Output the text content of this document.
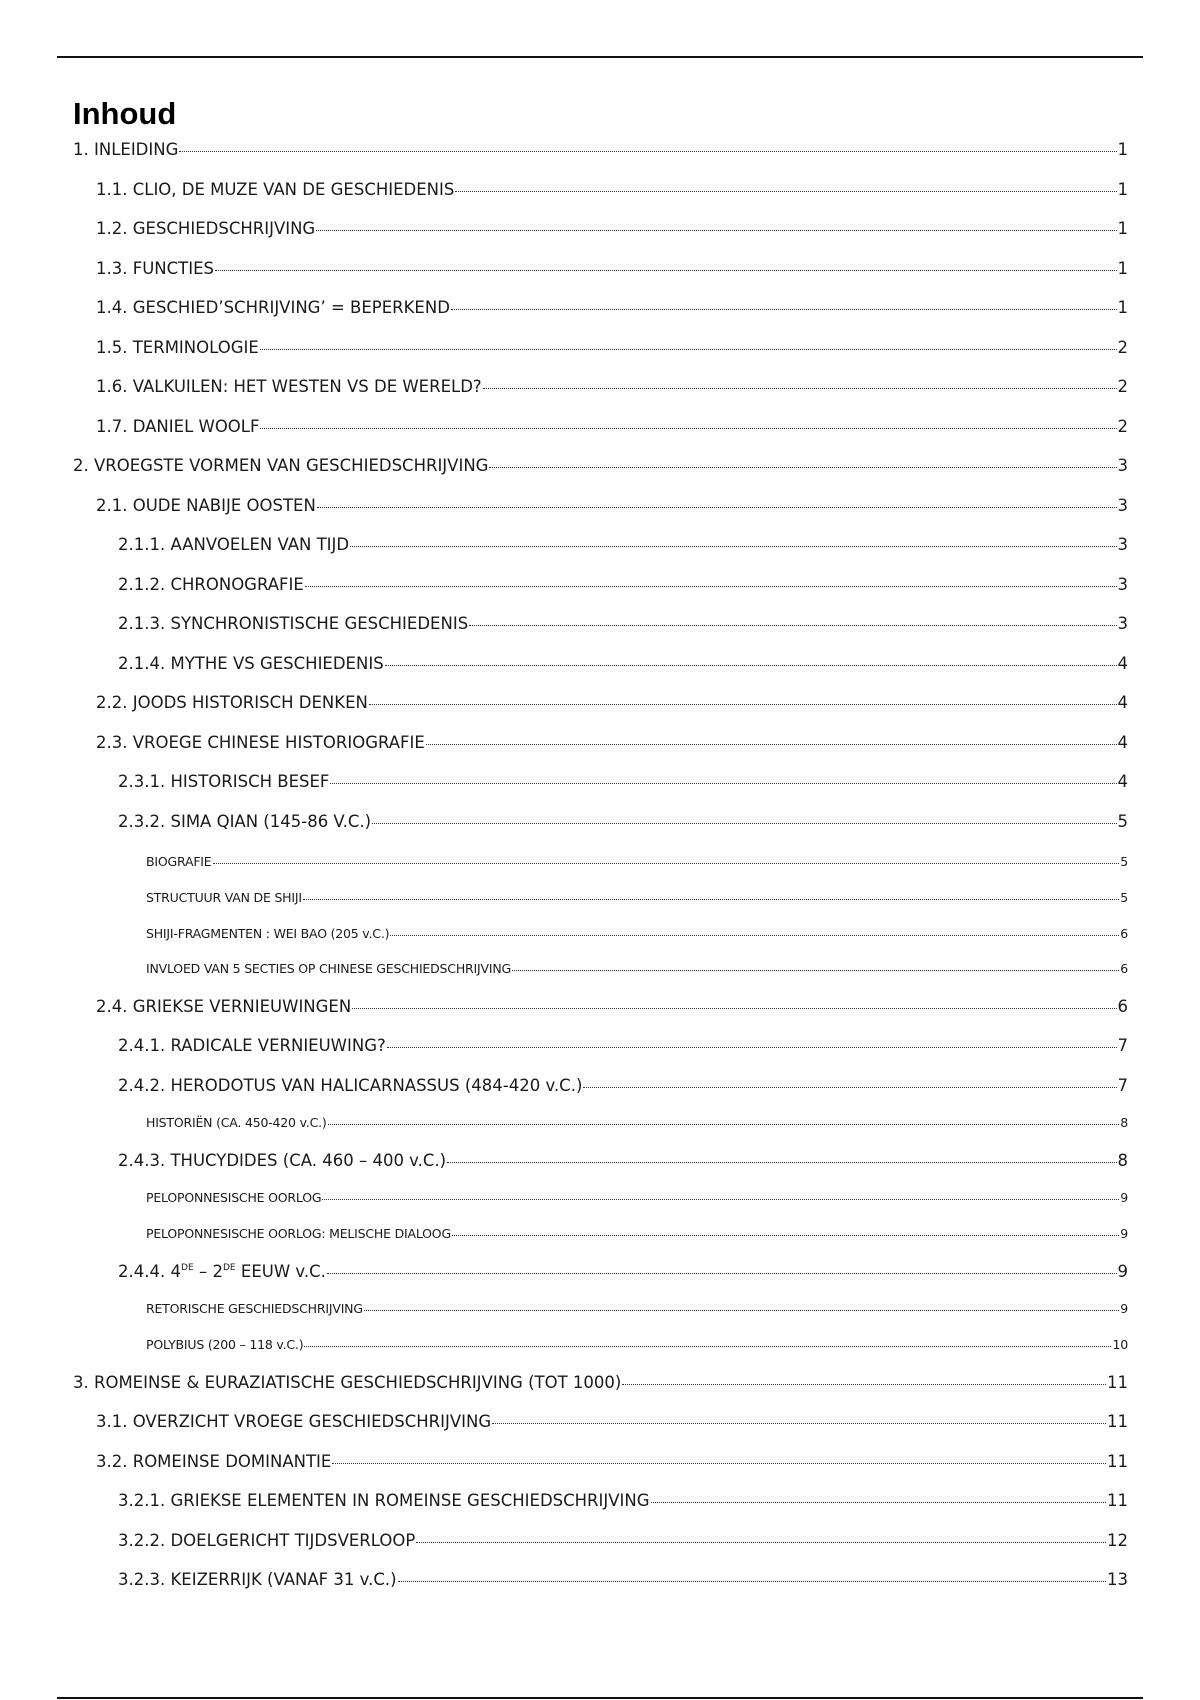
Inhoud
1. INLEIDING	1
1.1. CLIO, DE MUZE VAN DE GESCHIEDENIS	1
1.2. GESCHIEDSCHRIJVING	1
1.3. FUNCTIES	1
1.4. GESCHIED’SCHRIJVING’ = BEPERKEND	1
1.5. TERMINOLOGIE	2
1.6. VALKUILEN: HET WESTEN VS DE WERELD?	2
1.7. DANIEL WOOLF	2
2. VROEGSTE VORMEN VAN GESCHIEDSCHRIJVING	3
2.1. OUDE NABIJE OOSTEN	3
2.1.1. AANVOELEN VAN TIJD	3
2.1.2. CHRONOGRAFIE	3
2.1.3. SYNCHRONISTISCHE GESCHIEDENIS	3
2.1.4. MYTHE VS GESCHIEDENIS	4
2.2. JOODS HISTORISCH DENKEN	4
2.3. VROEGE CHINESE HISTORIOGRAFIE	4
2.3.1. HISTORISCH BESEF	4
2.3.2. SIMA QIAN (145-86 V.C.)	5
BIOGRAFIE	5
STRUCTUUR VAN DE SHIJI	5
SHIJI-FRAGMENTEN : WEI BAO (205 v.C.)	6
INVLOED VAN 5 SECTIES OP CHINESE GESCHIEDSCHRIJVING	6
2.4. GRIEKSE VERNIEUWINGEN	6
2.4.1. RADICALE VERNIEUWING?	7
2.4.2. HERODOTUS VAN HALICARNASSUS (484-420 v.C.)	7
HISTORIËN (CA. 450-420 v.C.)	8
2.4.3. THUCYDIDES (CA. 460 – 400 v.C.)	8
PELOPONNESISCHE OORLOG	9
PELOPONNESISCHE OORLOG: MELISCHE DIALOOG	9
2.4.4. 4DE – 2DE EEUW v.C.	9
RETORISCHE GESCHIEDSCHRIJVING	9
POLYBIUS (200 – 118 v.C.)	10
3. ROMEINSE & EURAZIATISCHE GESCHIEDSCHRIJVING (TOT 1000)	11
3.1. OVERZICHT VROEGE GESCHIEDSCHRIJVING	11
3.2. ROMEINSE DOMINANTIE	11
3.2.1. GRIEKSE ELEMENTEN IN ROMEINSE GESCHIEDSCHRIJVING	11
3.2.2. DOELGERICHT TIJDSVERLOOP	12
3.2.3. KEIZERRIJK (VANAF 31 v.C.)	13
